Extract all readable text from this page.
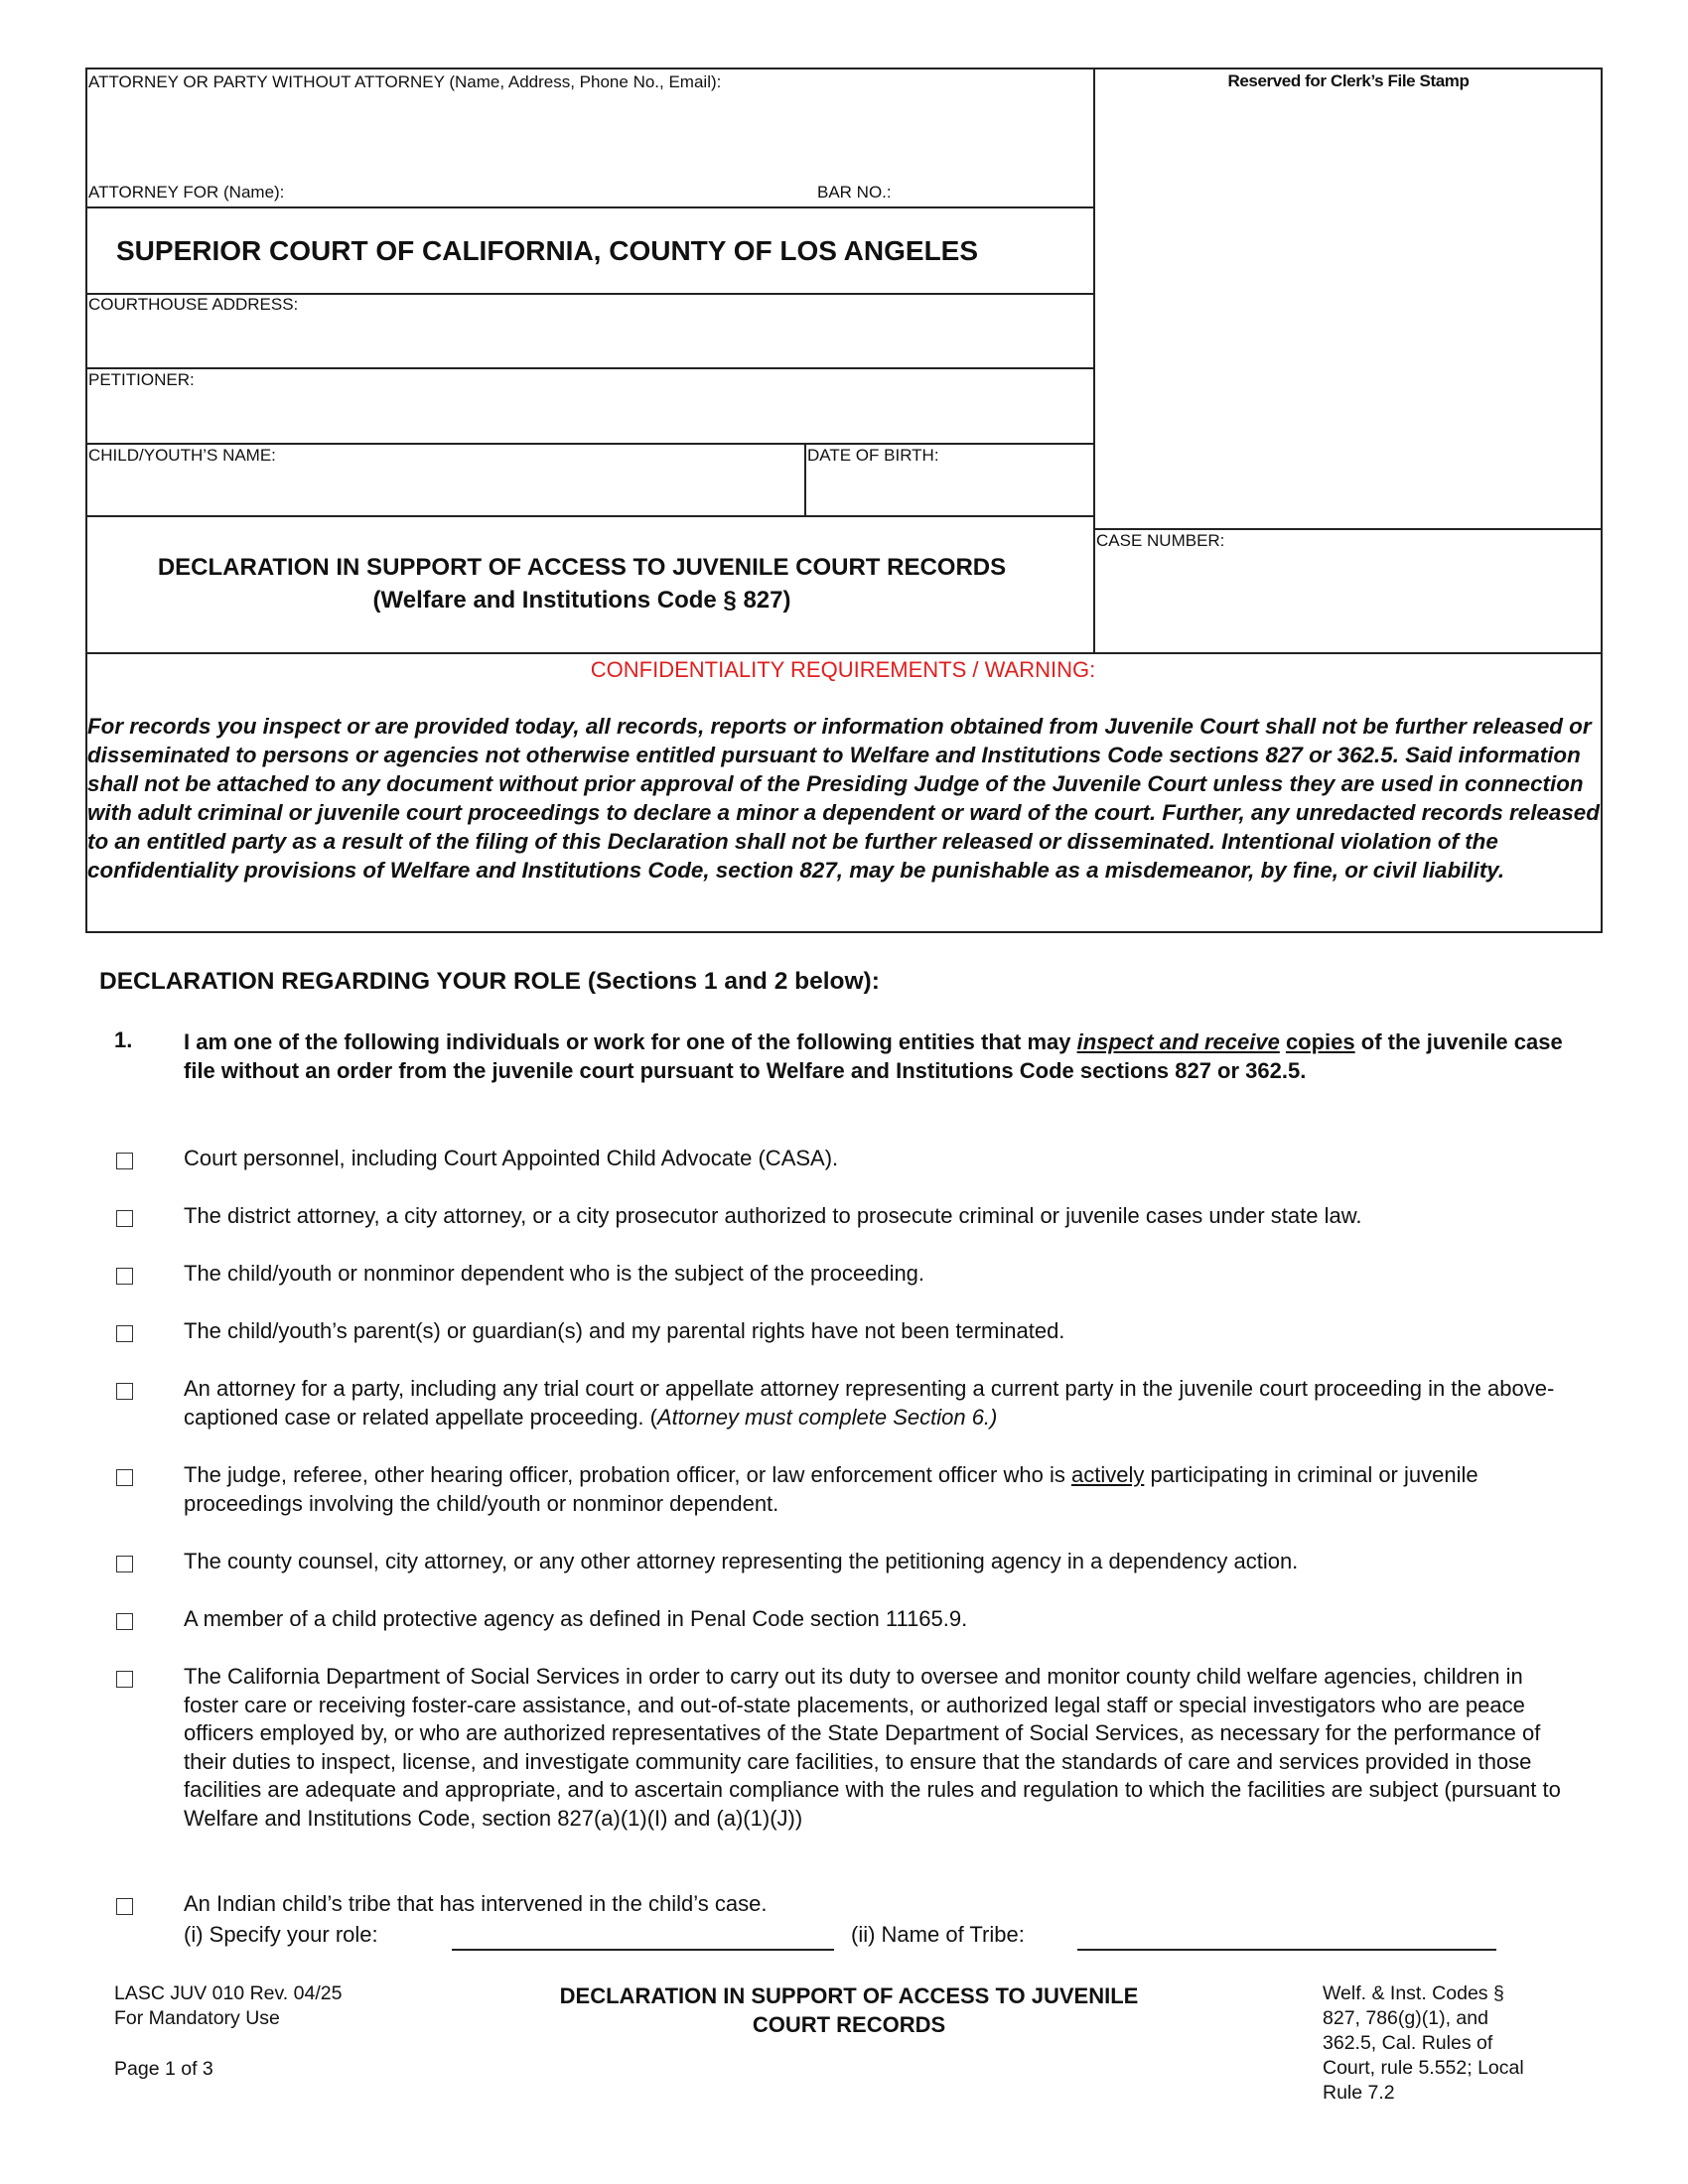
ATTORNEY OR PARTY WITHOUT ATTORNEY (Name, Address, Phone No., Email):
ATTORNEY FOR (Name):	BAR NO.:
Reserved for Clerk’s File Stamp
SUPERIOR COURT OF CALIFORNIA, COUNTY OF LOS ANGELES
COURTHOUSE ADDRESS:
PETITIONER:
CHILD/YOUTH’S NAME:	DATE OF BIRTH:
CASE NUMBER:
DECLARATION IN SUPPORT OF ACCESS TO JUVENILE COURT RECORDS
(Welfare and Institutions Code § 827)
CONFIDENTIALITY REQUIREMENTS / WARNING:
For records you inspect or are provided today, all records, reports or information obtained from Juvenile Court shall not be further released or disseminated to persons or agencies not otherwise entitled pursuant to Welfare and Institutions Code sections 827 or 362.5. Said information shall not be attached to any document without prior approval of the Presiding Judge of the Juvenile Court unless they are used in connection with adult criminal or juvenile court proceedings to declare a minor a dependent or ward of the court. Further, any unredacted records released to an entitled party as a result of the filing of this Declaration shall not be further released or disseminated. Intentional violation of the confidentiality provisions of Welfare and Institutions Code, section 827, may be punishable as a misdemeanor, by fine, or civil liability.
DECLARATION REGARDING YOUR ROLE (Sections 1 and 2 below):
1. I am one of the following individuals or work for one of the following entities that may inspect and receive copies of the juvenile case file without an order from the juvenile court pursuant to Welfare and Institutions Code sections 827 or 362.5.
Court personnel, including Court Appointed Child Advocate (CASA).
The district attorney, a city attorney, or a city prosecutor authorized to prosecute criminal or juvenile cases under state law.
The child/youth or nonminor dependent who is the subject of the proceeding.
The child/youth’s parent(s) or guardian(s) and my parental rights have not been terminated.
An attorney for a party, including any trial court or appellate attorney representing a current party in the juvenile court proceeding in the above-captioned case or related appellate proceeding. (Attorney must complete Section 6.)
The judge, referee, other hearing officer, probation officer, or law enforcement officer who is actively participating in criminal or juvenile proceedings involving the child/youth or nonminor dependent.
The county counsel, city attorney, or any other attorney representing the petitioning agency in a dependency action.
A member of a child protective agency as defined in Penal Code section 11165.9.
The California Department of Social Services in order to carry out its duty to oversee and monitor county child welfare agencies, children in foster care or receiving foster-care assistance, and out-of-state placements, or authorized legal staff or special investigators who are peace officers employed by, or who are authorized representatives of the State Department of Social Services, as necessary for the performance of their duties to inspect, license, and investigate community care facilities, to ensure that the standards of care and services provided in those facilities are adequate and appropriate, and to ascertain compliance with the rules and regulation to which the facilities are subject (pursuant to Welfare and Institutions Code, section 827(a)(1)(I) and (a)(1)(J))
An Indian child’s tribe that has intervened in the child’s case.
(i) Specify your role:	(ii) Name of Tribe:
LASC JUV 010 Rev. 04/25
For Mandatory Use
Page 1 of 3
DECLARATION IN SUPPORT OF ACCESS TO JUVENILE
COURT RECORDS
Welf. & Inst. Codes §
827, 786(g)(1), and
362.5, Cal. Rules of
Court, rule 5.552; Local
Rule 7.2
